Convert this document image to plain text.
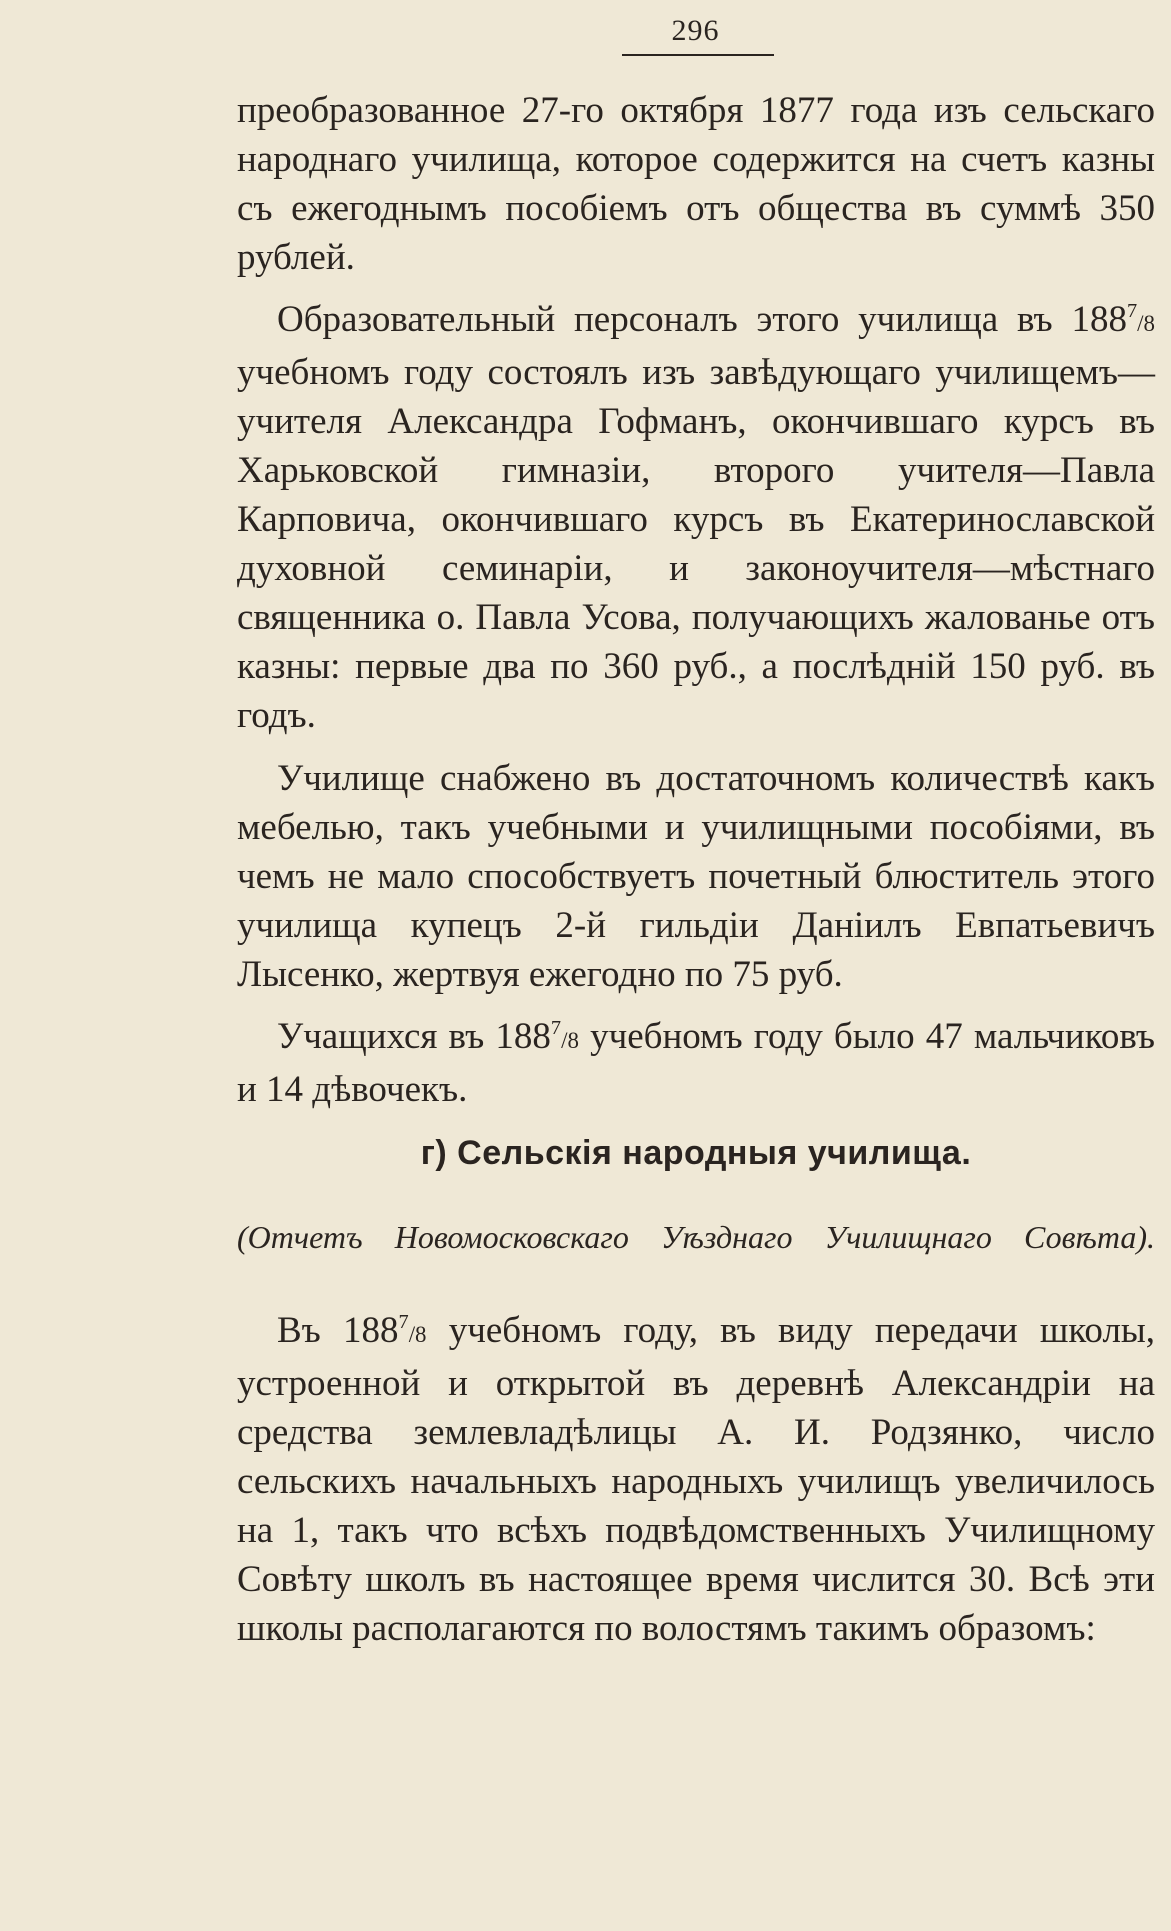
296

преобразованное 27-го октября 1877 года изъ сельскаго народнаго училища, которое содержится на счетъ казны съ ежегоднымъ пособіемъ отъ общества въ суммѣ 350 рублей.

Образовательный персоналъ этого училища въ $188^7/8$ учебномъ году состоялъ изъ завѣдующаго училищемъ—учителя Александра Гофманъ, окончившаго курсъ въ Харьковской гимназіи, второго учителя—Павла Карповича, окончившаго курсъ въ Екатеринославской духовной семинаріи, и законоучителя—мѣстнаго священника о. Павла Усова, получающихъ жалованье отъ казны: первые два по 360 руб., а послѣдній 150 руб. въ годъ.

Училище снабжено въ достаточномъ количествѣ какъ мебелью, такъ учебными и училищными пособіями, въ чемъ не мало способствуетъ почетный блюститель этого училища купецъ 2-й гильдіи Даніилъ Евпатьевичъ Лысенко, жертвуя ежегодно по 75 руб.

Учащихся въ $188^7/8$ учебномъ году было 47 мальчиковъ и 14 дѣвочекъ.

г) Сельскія народныя училища.
(Отчетъ Новомосковскаго Уѣзднаго Училищнаго Совѣта).

Въ $188^7/8$ учебномъ году, въ виду передачи школы, устроенной и открытой въ деревнѣ Александріи на средства землевладѣлицы А. И. Родзянко, число сельскихъ начальныхъ народныхъ училищъ увеличилось на 1, такъ что всѣхъ подвѣдомственныхъ Училищному Совѣту школъ въ настоящее время числится 30. Всѣ эти школы располагаются по волостямъ такимъ образомъ:
